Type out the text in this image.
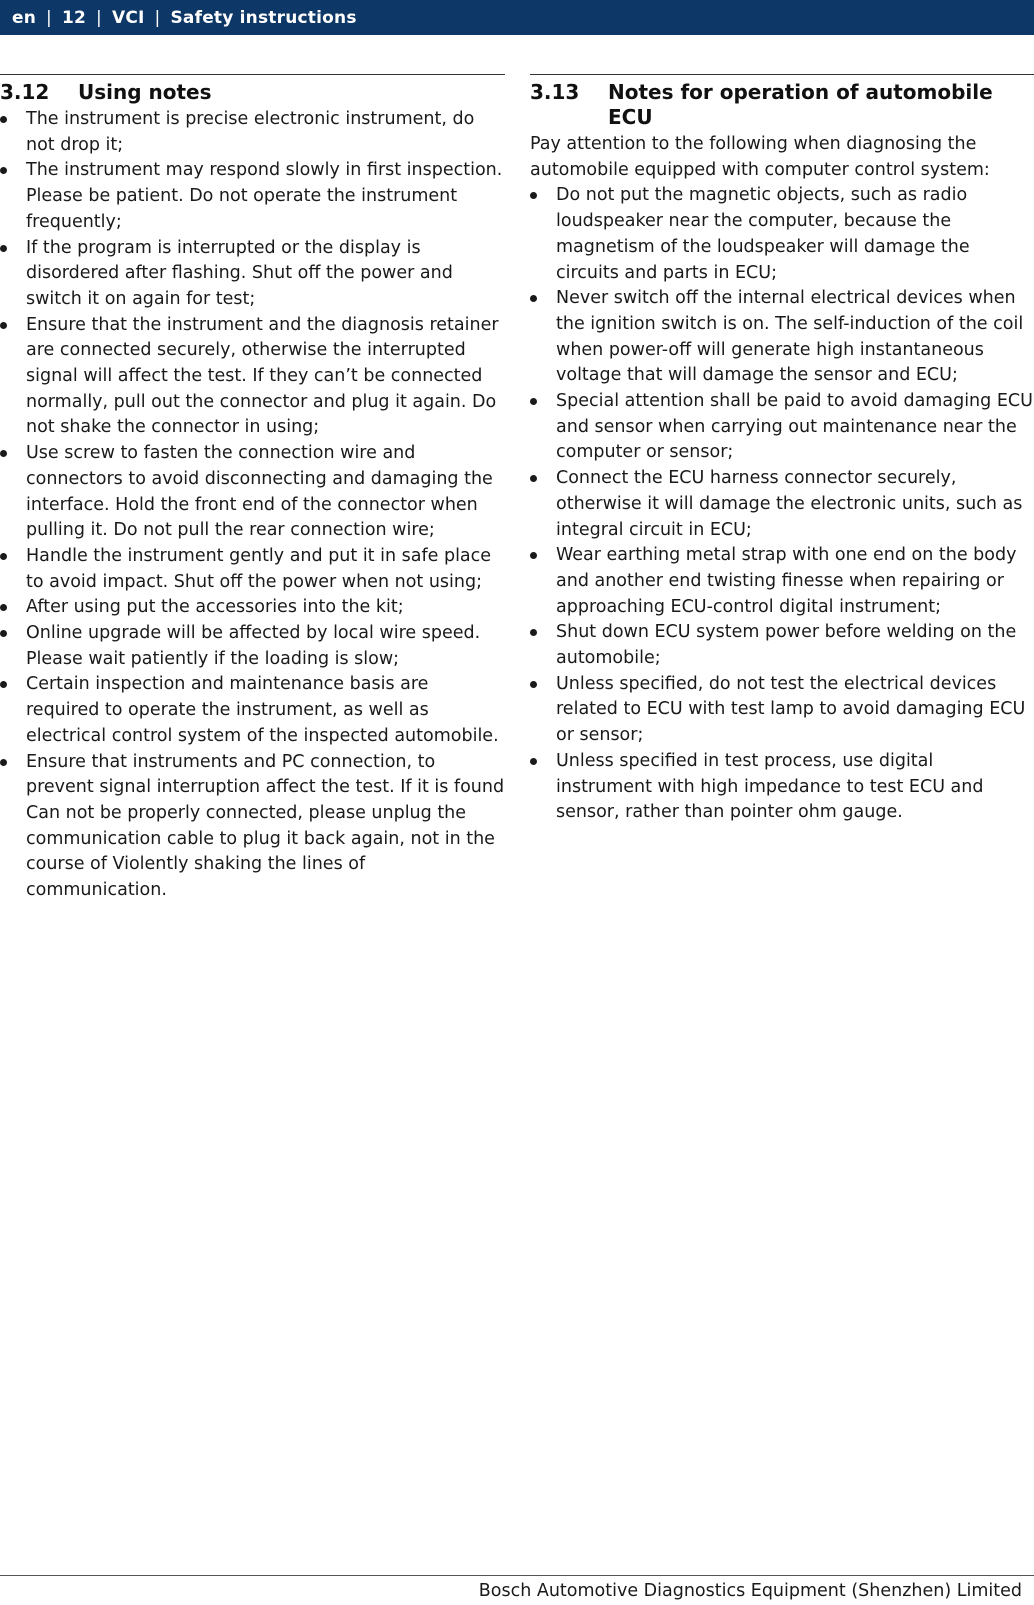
en | 12 | VCI | Safety instructions
3.12	Using notes
The instrument is precise electronic instrument, do not drop it;
The instrument may respond slowly in first inspection. Please be patient. Do not operate the instrument frequently;
If the program is interrupted or the display is disordered after flashing. Shut off the power and switch it on again for test;
Ensure that the instrument and the diagnosis retainer are connected securely, otherwise the interrupted signal will affect the test. If they can’t be connected normally, pull out the connector and plug it again. Do not shake the connector in using;
Use screw to fasten the connection wire and connectors to avoid disconnecting and damaging the interface. Hold the front end of the connector when pulling it. Do not pull the rear connection wire;
Handle the instrument gently and put it in safe place to avoid impact. Shut off the power when not using;
After using put the accessories into the kit;
Online upgrade will be affected by local wire speed. Please wait patiently if the loading is slow;
Certain inspection and maintenance basis are required to operate the instrument, as well as electrical control system of the inspected automobile.
Ensure that instruments and PC connection, to prevent signal interruption affect the test. If it is found Can not be properly connected, please unplug the communication cable to plug it back again, not in the course of Violently shaking the lines of communication.
3.13	Notes for operation of automobile ECU

Pay attention to the following when diagnosing the automobile equipped with computer control system:

Do not put the magnetic objects, such as radio loudspeaker near the computer, because the magnetism of the loudspeaker will damage the circuits and parts in ECU;
Never switch off the internal electrical devices when the ignition switch is on. The self-induction of the coil when power-off will generate high instantaneous voltage that will damage the sensor and ECU;
Special attention shall be paid to avoid damaging ECU and sensor when carrying out maintenance near the computer or sensor;
Connect the ECU harness connector securely, otherwise it will damage the electronic units, such as integral circuit in ECU;
Wear earthing metal strap with one end on the body and another end twisting finesse when repairing or approaching ECU-control digital instrument;
Shut down ECU system power before welding on the automobile;
Unless specified, do not test the electrical devices related to ECU with test lamp to avoid damaging ECU or sensor;
Unless specified in test process, use digital instrument with high impedance to test ECU and sensor, rather than pointer ohm gauge.
Bosch Automotive Diagnostics Equipment (Shenzhen) Limited
